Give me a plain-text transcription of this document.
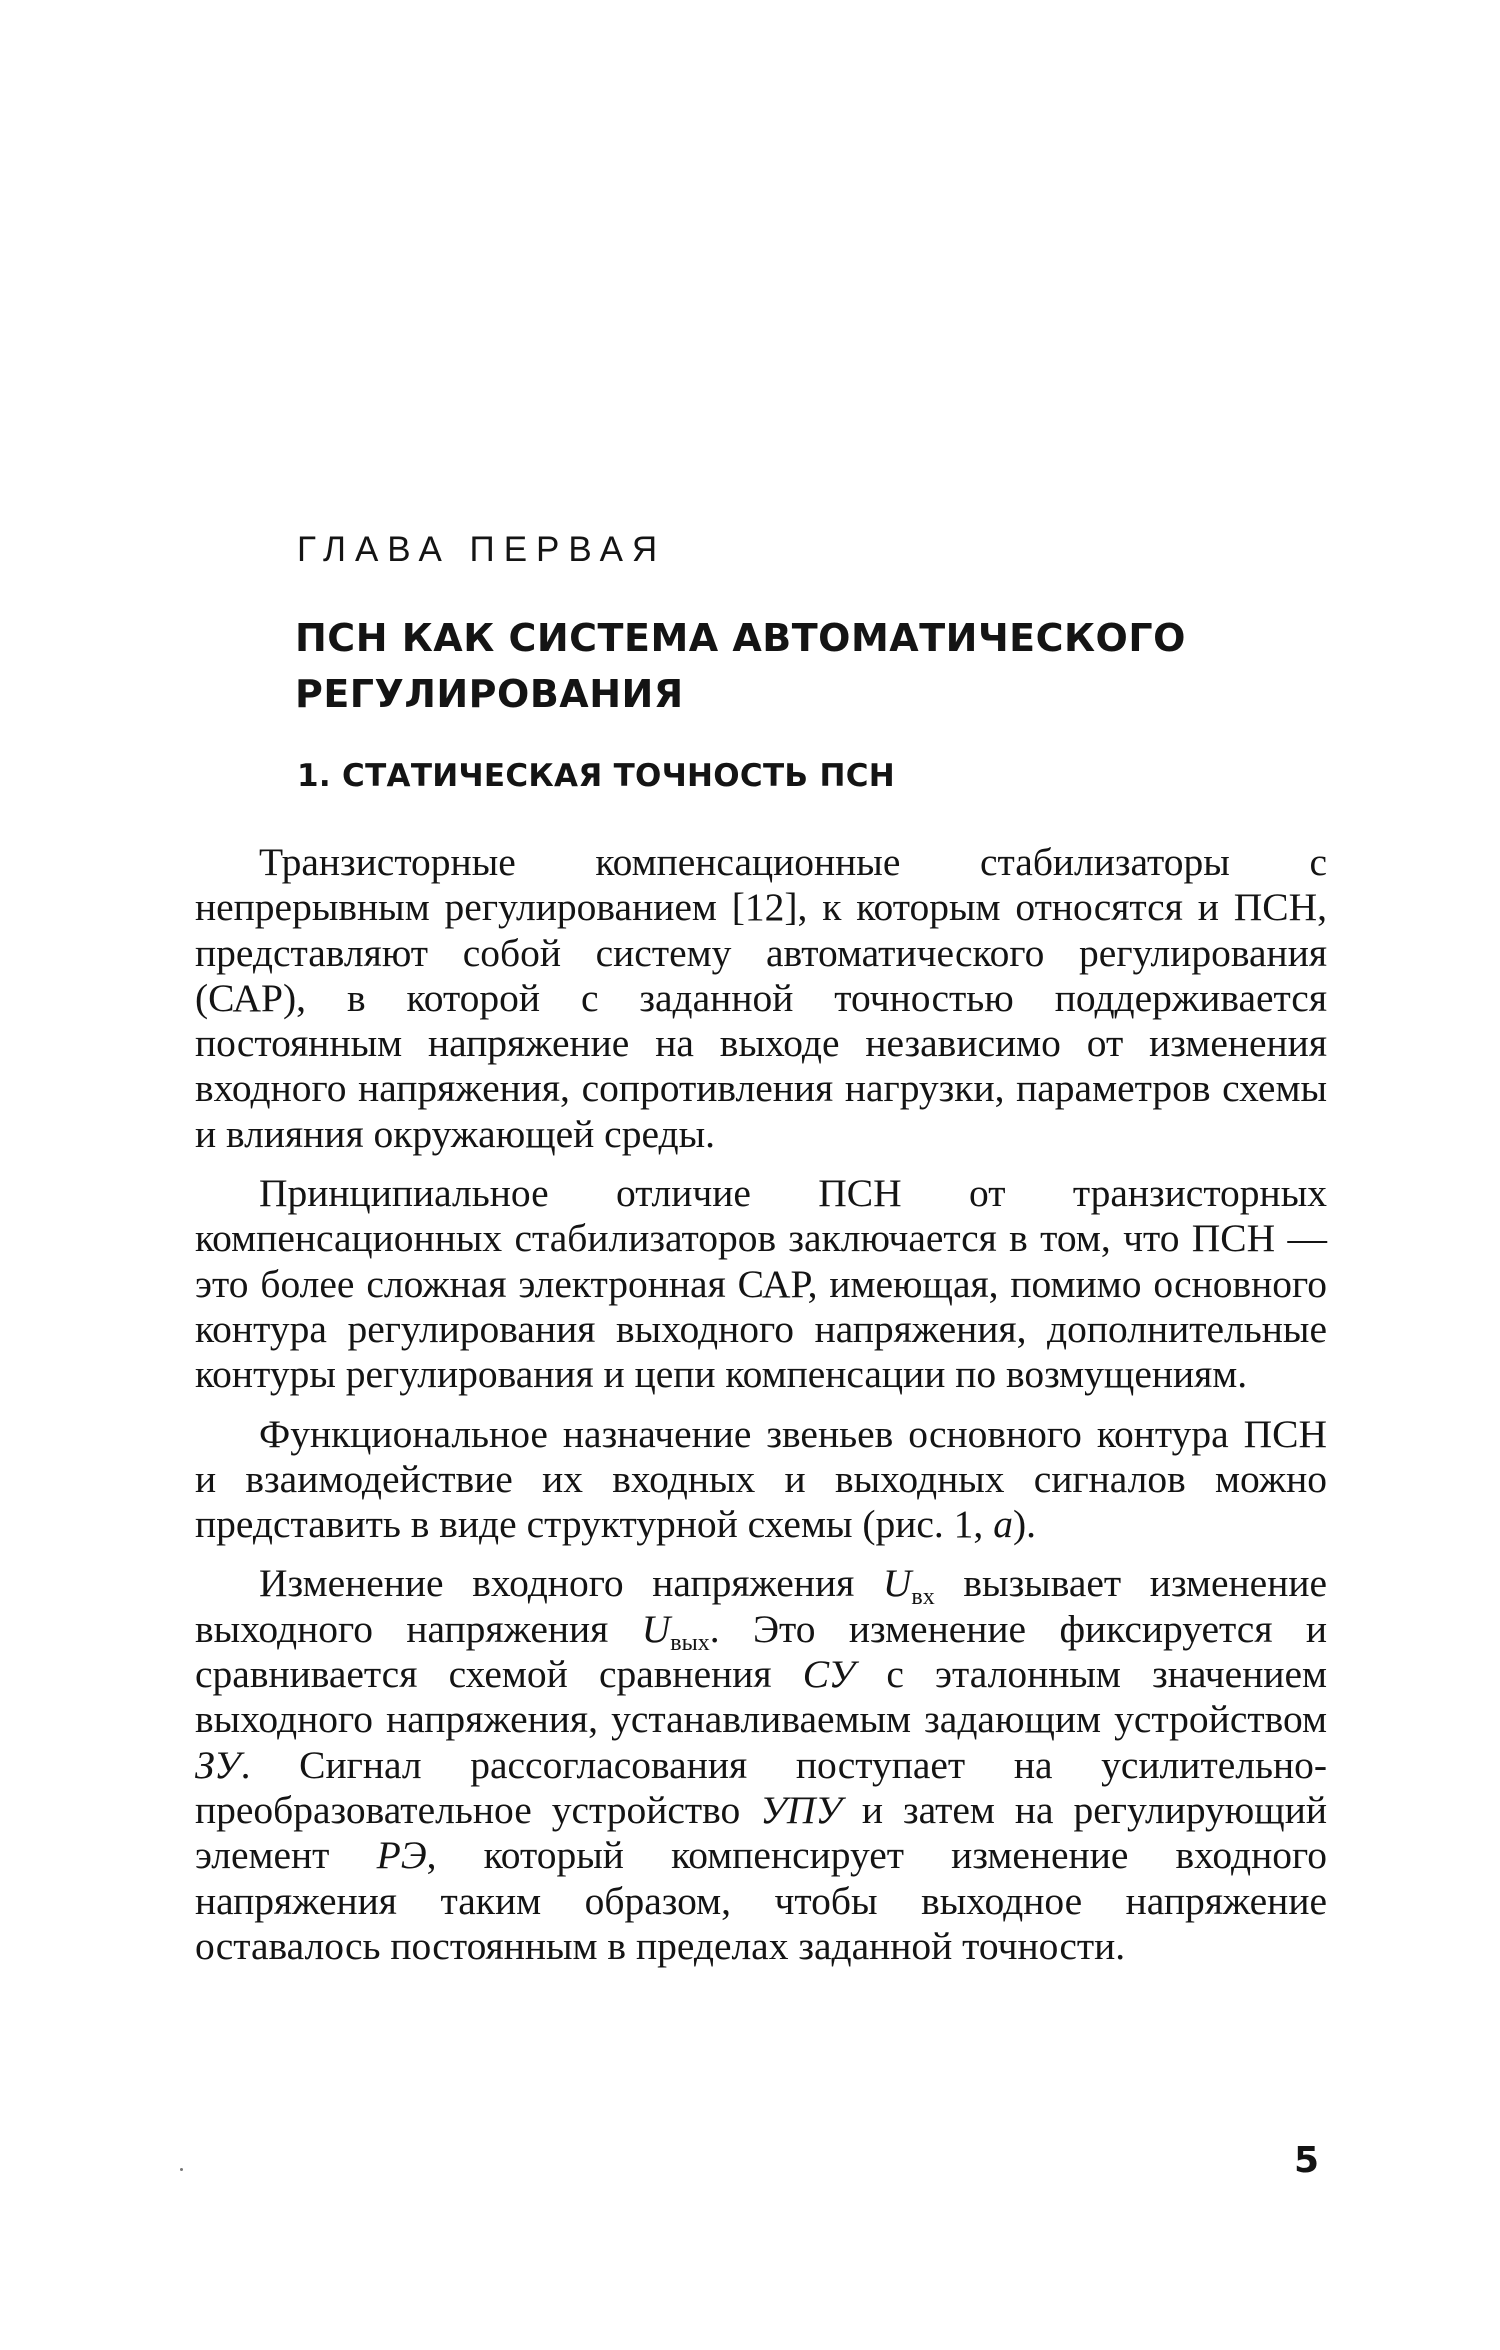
ГЛАВА ПЕРВАЯ
ПСН КАК СИСТЕМА АВТОМАТИЧЕСКОГО РЕГУЛИРОВАНИЯ
1. СТАТИЧЕСКАЯ ТОЧНОСТЬ ПСН

Транзисторные компенсационные стабилизаторы с непрерывным регулированием [12], к которым относятся и ПСН, представляют собой систему автоматического регулирования (САР), в которой с заданной точностью поддерживается постоянным напряжение на выходе независимо от изменения входного напряжения, сопротивления нагрузки, параметров схемы и влияния окружающей среды.

Принципиальное отличие ПСН от транзисторных компенсационных стабилизаторов заключается в том, что ПСН — это более сложная электронная САР, имеющая, помимо основного контура регулирования выходного напряжения, дополнительные контуры регулирования и цепи компенсации по возмущениям.

Функциональное назначение звеньев основного контура ПСН и взаимодействие их входных и выходных сигналов можно представить в виде структурной схемы (рис. 1, а).

Изменение входного напряжения $U_{вх}$ вызывает изменение выходного напряжения $U_{вых}$. Это изменение фиксируется и сравнивается схемой сравнения СУ с эталонным значением выходного напряжения, устанавливаемым задающим устройством ЗУ. Сигнал рассогласования поступает на усилительно-преобразовательное устройство УПУ и затем на регулирующий элемент РЭ, который компенсирует изменение входного напряжения таким образом, чтобы выходное напряжение оставалось постоянным в пределах заданной точности.

5
